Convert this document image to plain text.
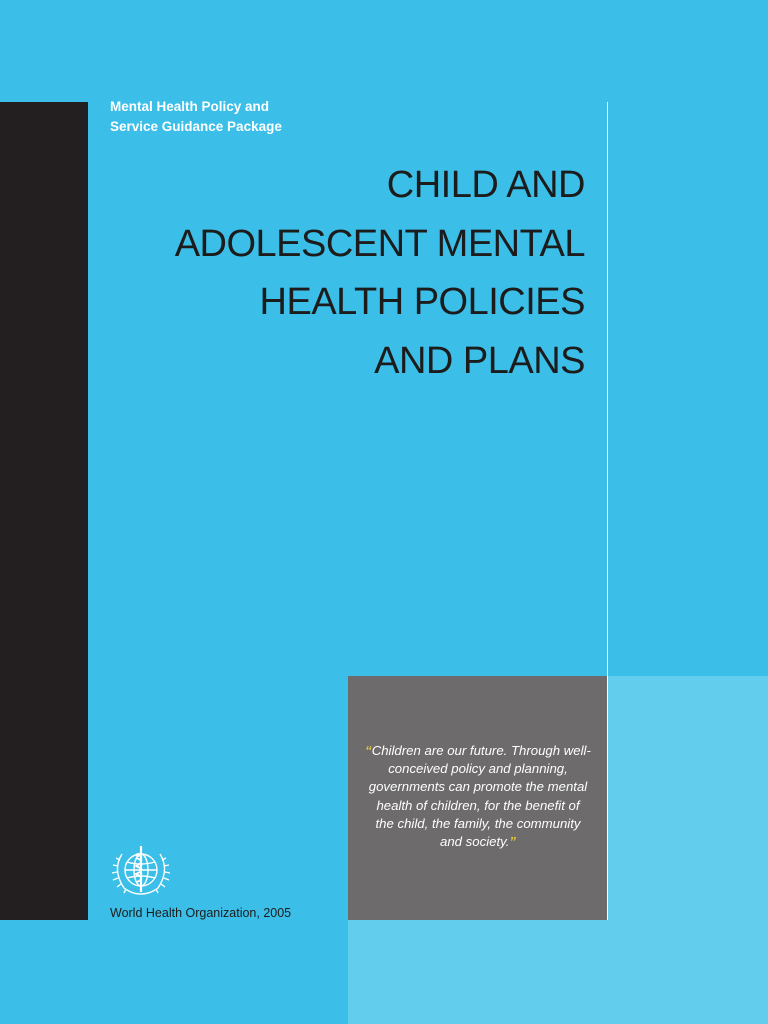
Mental Health Policy and
Service Guidance Package
CHILD AND
ADOLESCENT MENTAL
HEALTH POLICIES
AND PLANS
“Children are our future. Through well-
conceived policy and planning,
governments can promote the mental
health of children, for the benefit of
the child, the family, the community
and society.”
World Health Organization, 2005
